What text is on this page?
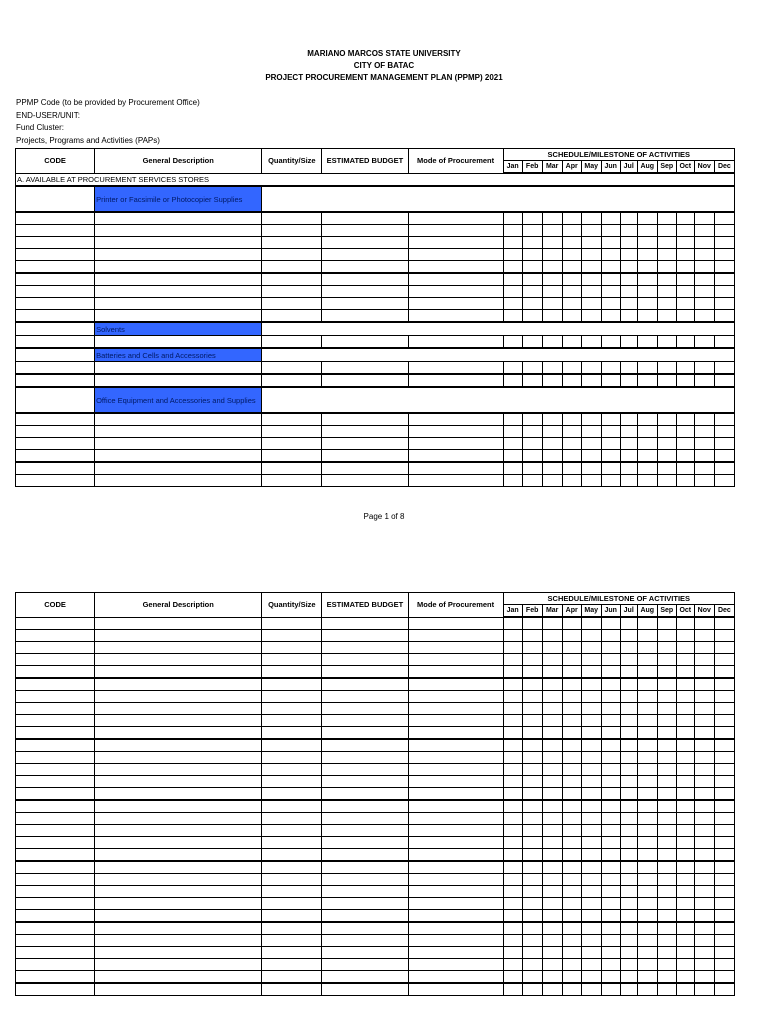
MARIANO MARCOS STATE UNIVERSITY
CITY OF BATAC
PROJECT PROCUREMENT MANAGEMENT PLAN (PPMP) 2021
PPMP Code (to be provided by Procurement Office)
END-USER/UNIT:
Fund Cluster:
Projects, Programs and Activities (PAPs)
CODE	General Description	Quantity/Size	ESTIMATED BUDGET	Mode of Procurement	SCHEDULE/MILESTONE OF ACTIVITIES											
					Jan	Feb	Mar	Apr	May	Jun	Jul	Aug	Sep	Oct	Nov	Dec
A. AVAILABLE AT PROCUREMENT SERVICES STORES																
	Printer or Facsimile or Photocopier Supplies															

	Solvents															

	Batteries and Cells and Accessories															

	Office Equipment and Accessories and Supplies															

Page 1 of 8
CODE	General Description	Quantity/Size	ESTIMATED BUDGET	Mode of Procurement	SCHEDULE/MILESTONE OF ACTIVITIES											
					Jan	Feb	Mar	Apr	May	Jun	Jul	Aug	Sep	Oct	Nov	Dec
